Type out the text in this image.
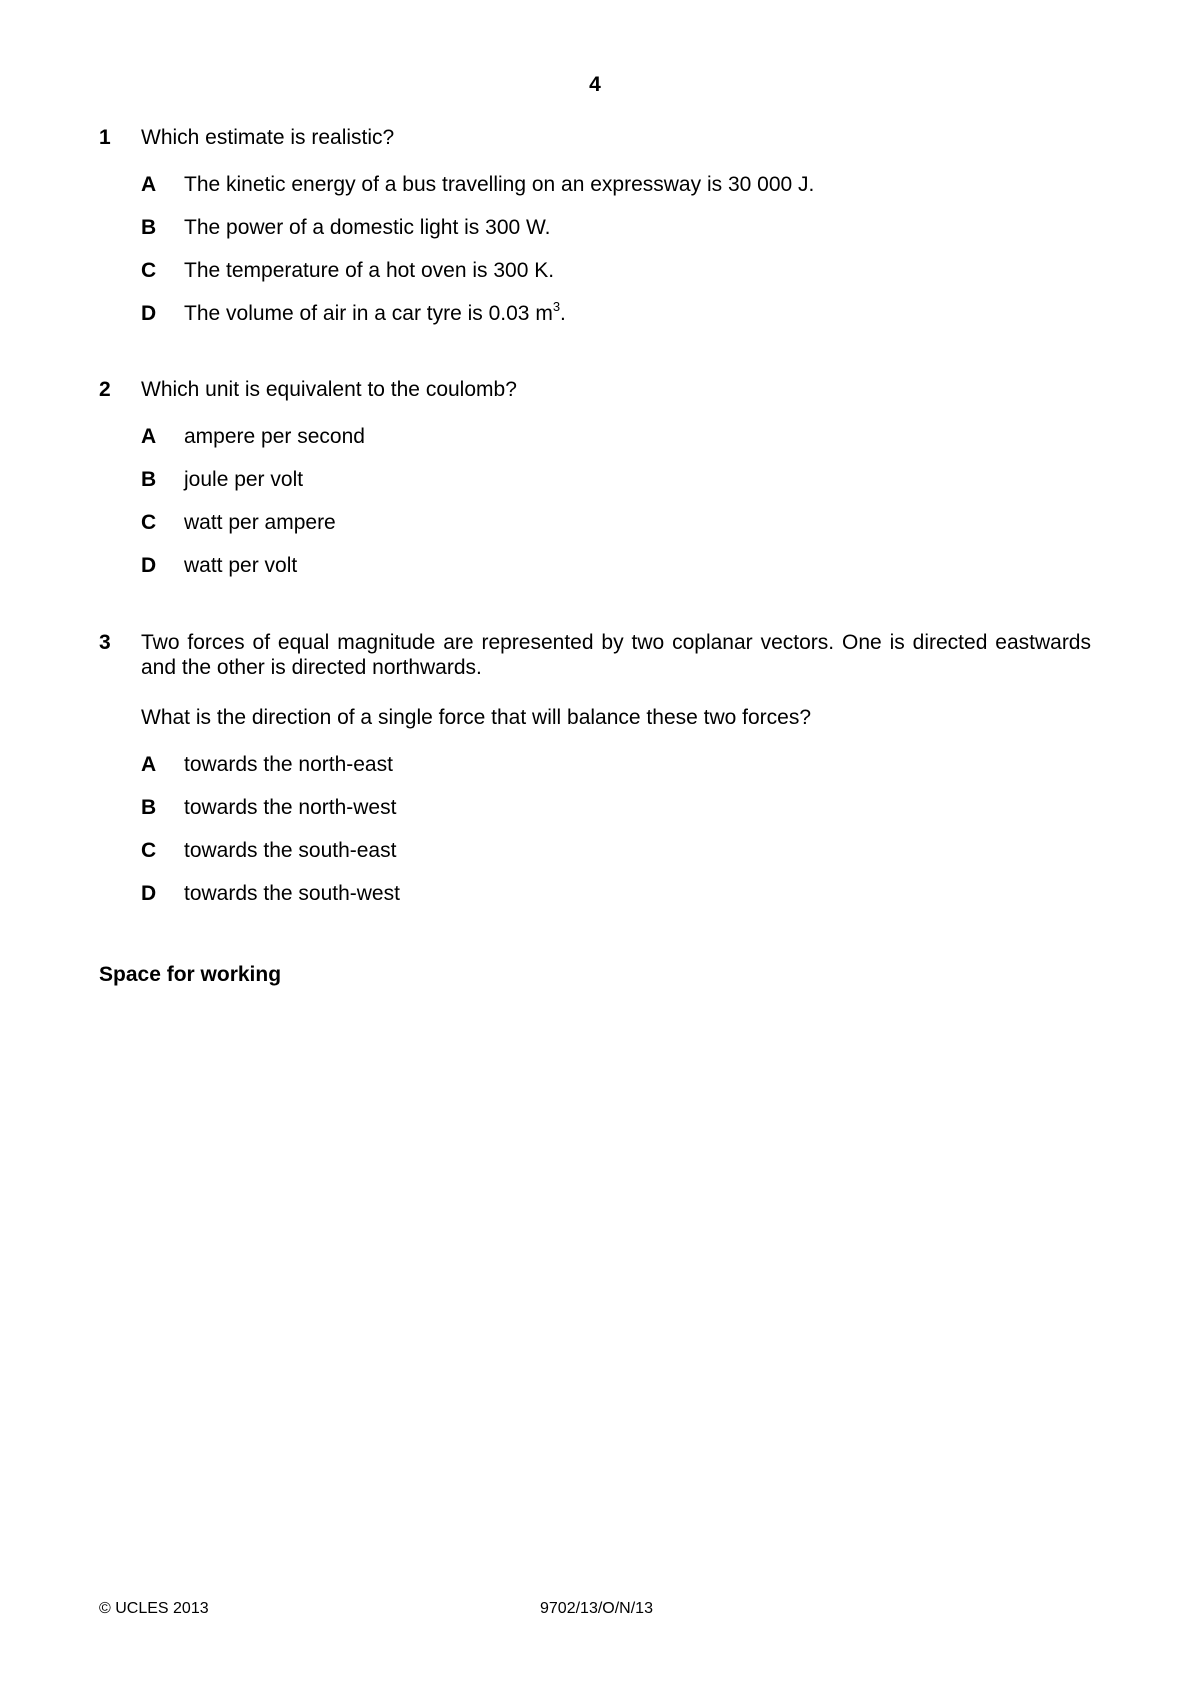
4
1 Which estimate is realistic?
A The kinetic energy of a bus travelling on an expressway is 30 000 J.
B The power of a domestic light is 300 W.
C The temperature of a hot oven is 300 K.
D The volume of air in a car tyre is 0.03 $m^3$.
2 Which unit is equivalent to the coulomb?
A ampere per second
B joule per volt
C watt per ampere
D watt per volt
3 Two forces of equal magnitude are represented by two coplanar vectors. One is directed eastwards and the other is directed northwards.
What is the direction of a single force that will balance these two forces?
A towards the north-east
B towards the north-west
C towards the south-east
D towards the south-west
Space for working
© UCLES 2013	9702/13/O/N/13
